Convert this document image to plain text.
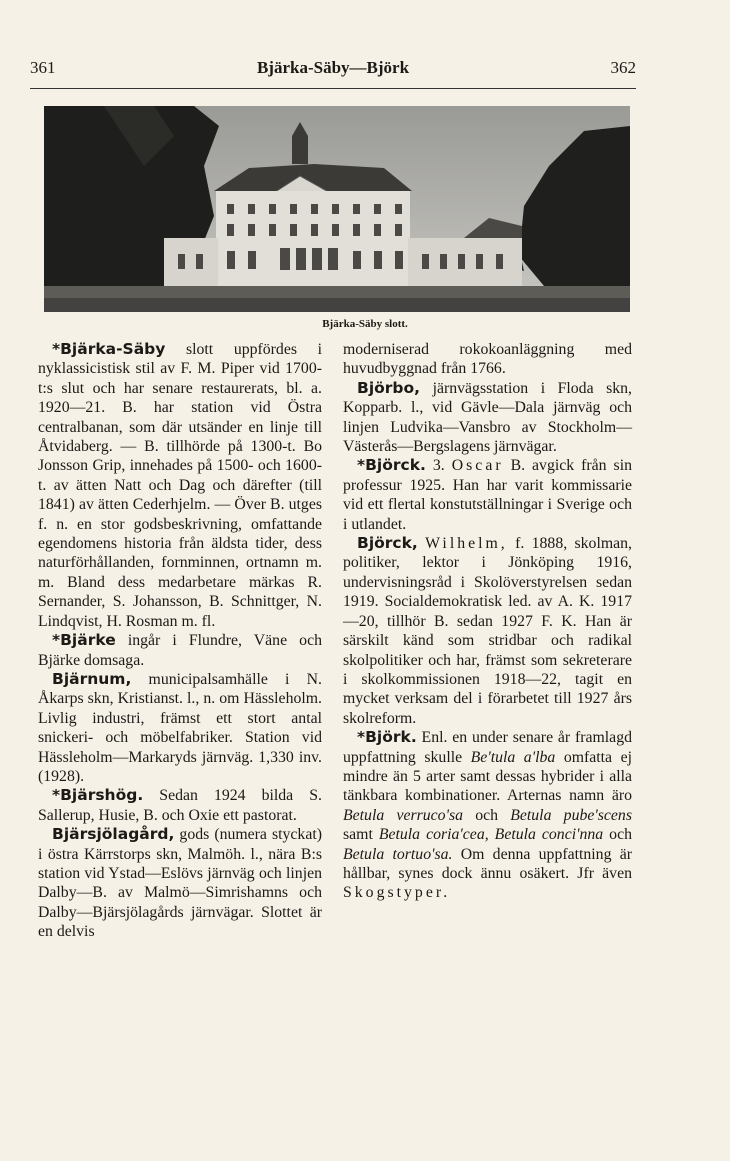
361	Bjärka-Säby—Björk	362
Bjärka-Säby slott.

*Bjärka-Säby slott uppfördes i nyklassicistisk stil av F. M. Piper vid 1700-t:s slut och har senare restaurerats, bl. a. 1920—21. B. har station vid Östra centralbanan, som där utsänder en linje till Åtvidaberg. — B. tillhörde på 1300-t. Bo Jonsson Grip, innehades på 1500- och 1600-t. av ätten Natt och Dag och därefter (till 1841) av ätten Cederhjelm. — Över B. utges f. n. en stor godsbeskrivning, omfattande egendomens historia från äldsta tider, dess naturförhållanden, fornminnen, ortnamn m. m. Bland dess medarbetare märkas R. Sernander, S. Johansson, B. Schnittger, N. Lindqvist, H. Rosman m. fl.

*Bjärke ingår i Flundre, Väne och Bjärke domsaga.

Bjärnum, municipalsamhälle i N. Åkarps skn, Kristianst. l., n. om Hässleholm. Livlig industri, främst ett stort antal snickeri- och möbelfabriker. Station vid Hässleholm—Markaryds järnväg. 1,330 inv. (1928).

*Bjärshög. Sedan 1924 bilda S. Sallerup, Husie, B. och Oxie ett pastorat.

Bjärsjölagård, gods (numera styckat) i östra Kärrstorps skn, Malmöh. l., nära B:s station vid Ystad—Eslövs järnväg och linjen Dalby—B. av Malmö—Simrishamns och Dalby—Bjärsjölagårds järnvägar. Slottet är en delvis

moderniserad rokokoanläggning med huvudbyggnad från 1766.

Björbo, järnvägsstation i Floda skn, Kopparb. l., vid Gävle—Dala järnväg och linjen Ludvika—Vansbro av Stockholm—Västerås—Bergslagens järnvägar.

*Björck. 3. Oscar B. avgick från sin professur 1925. Han har varit kommissarie vid ett flertal konstutställningar i Sverige och i utlandet.

Björck, Wilhelm, f. 1888, skolman, politiker, lektor i Jönköping 1916, undervisningsråd i Skolöverstyrelsen sedan 1919. Socialdemokratisk led. av A. K. 1917—20, tillhör B. sedan 1927 F. K. Han är särskilt känd som stridbar och radikal skolpolitiker och har, främst som sekreterare i skolkommissionen 1918—22, tagit en mycket verksam del i förarbetet till 1927 års skolreform.

*Björk. Enl. en under senare år framlagd uppfattning skulle Be'tula a'lba omfatta ej mindre än 5 arter samt dessas hybrider i alla tänkbara kombinationer. Arternas namn äro Betula verruco'sa och Betula pube'scens samt Betula coria'cea, Betula conci'nna och Betula tortuo'sa. Om denna uppfattning är hållbar, synes dock ännu osäkert. Jfr även Skogstyper.
